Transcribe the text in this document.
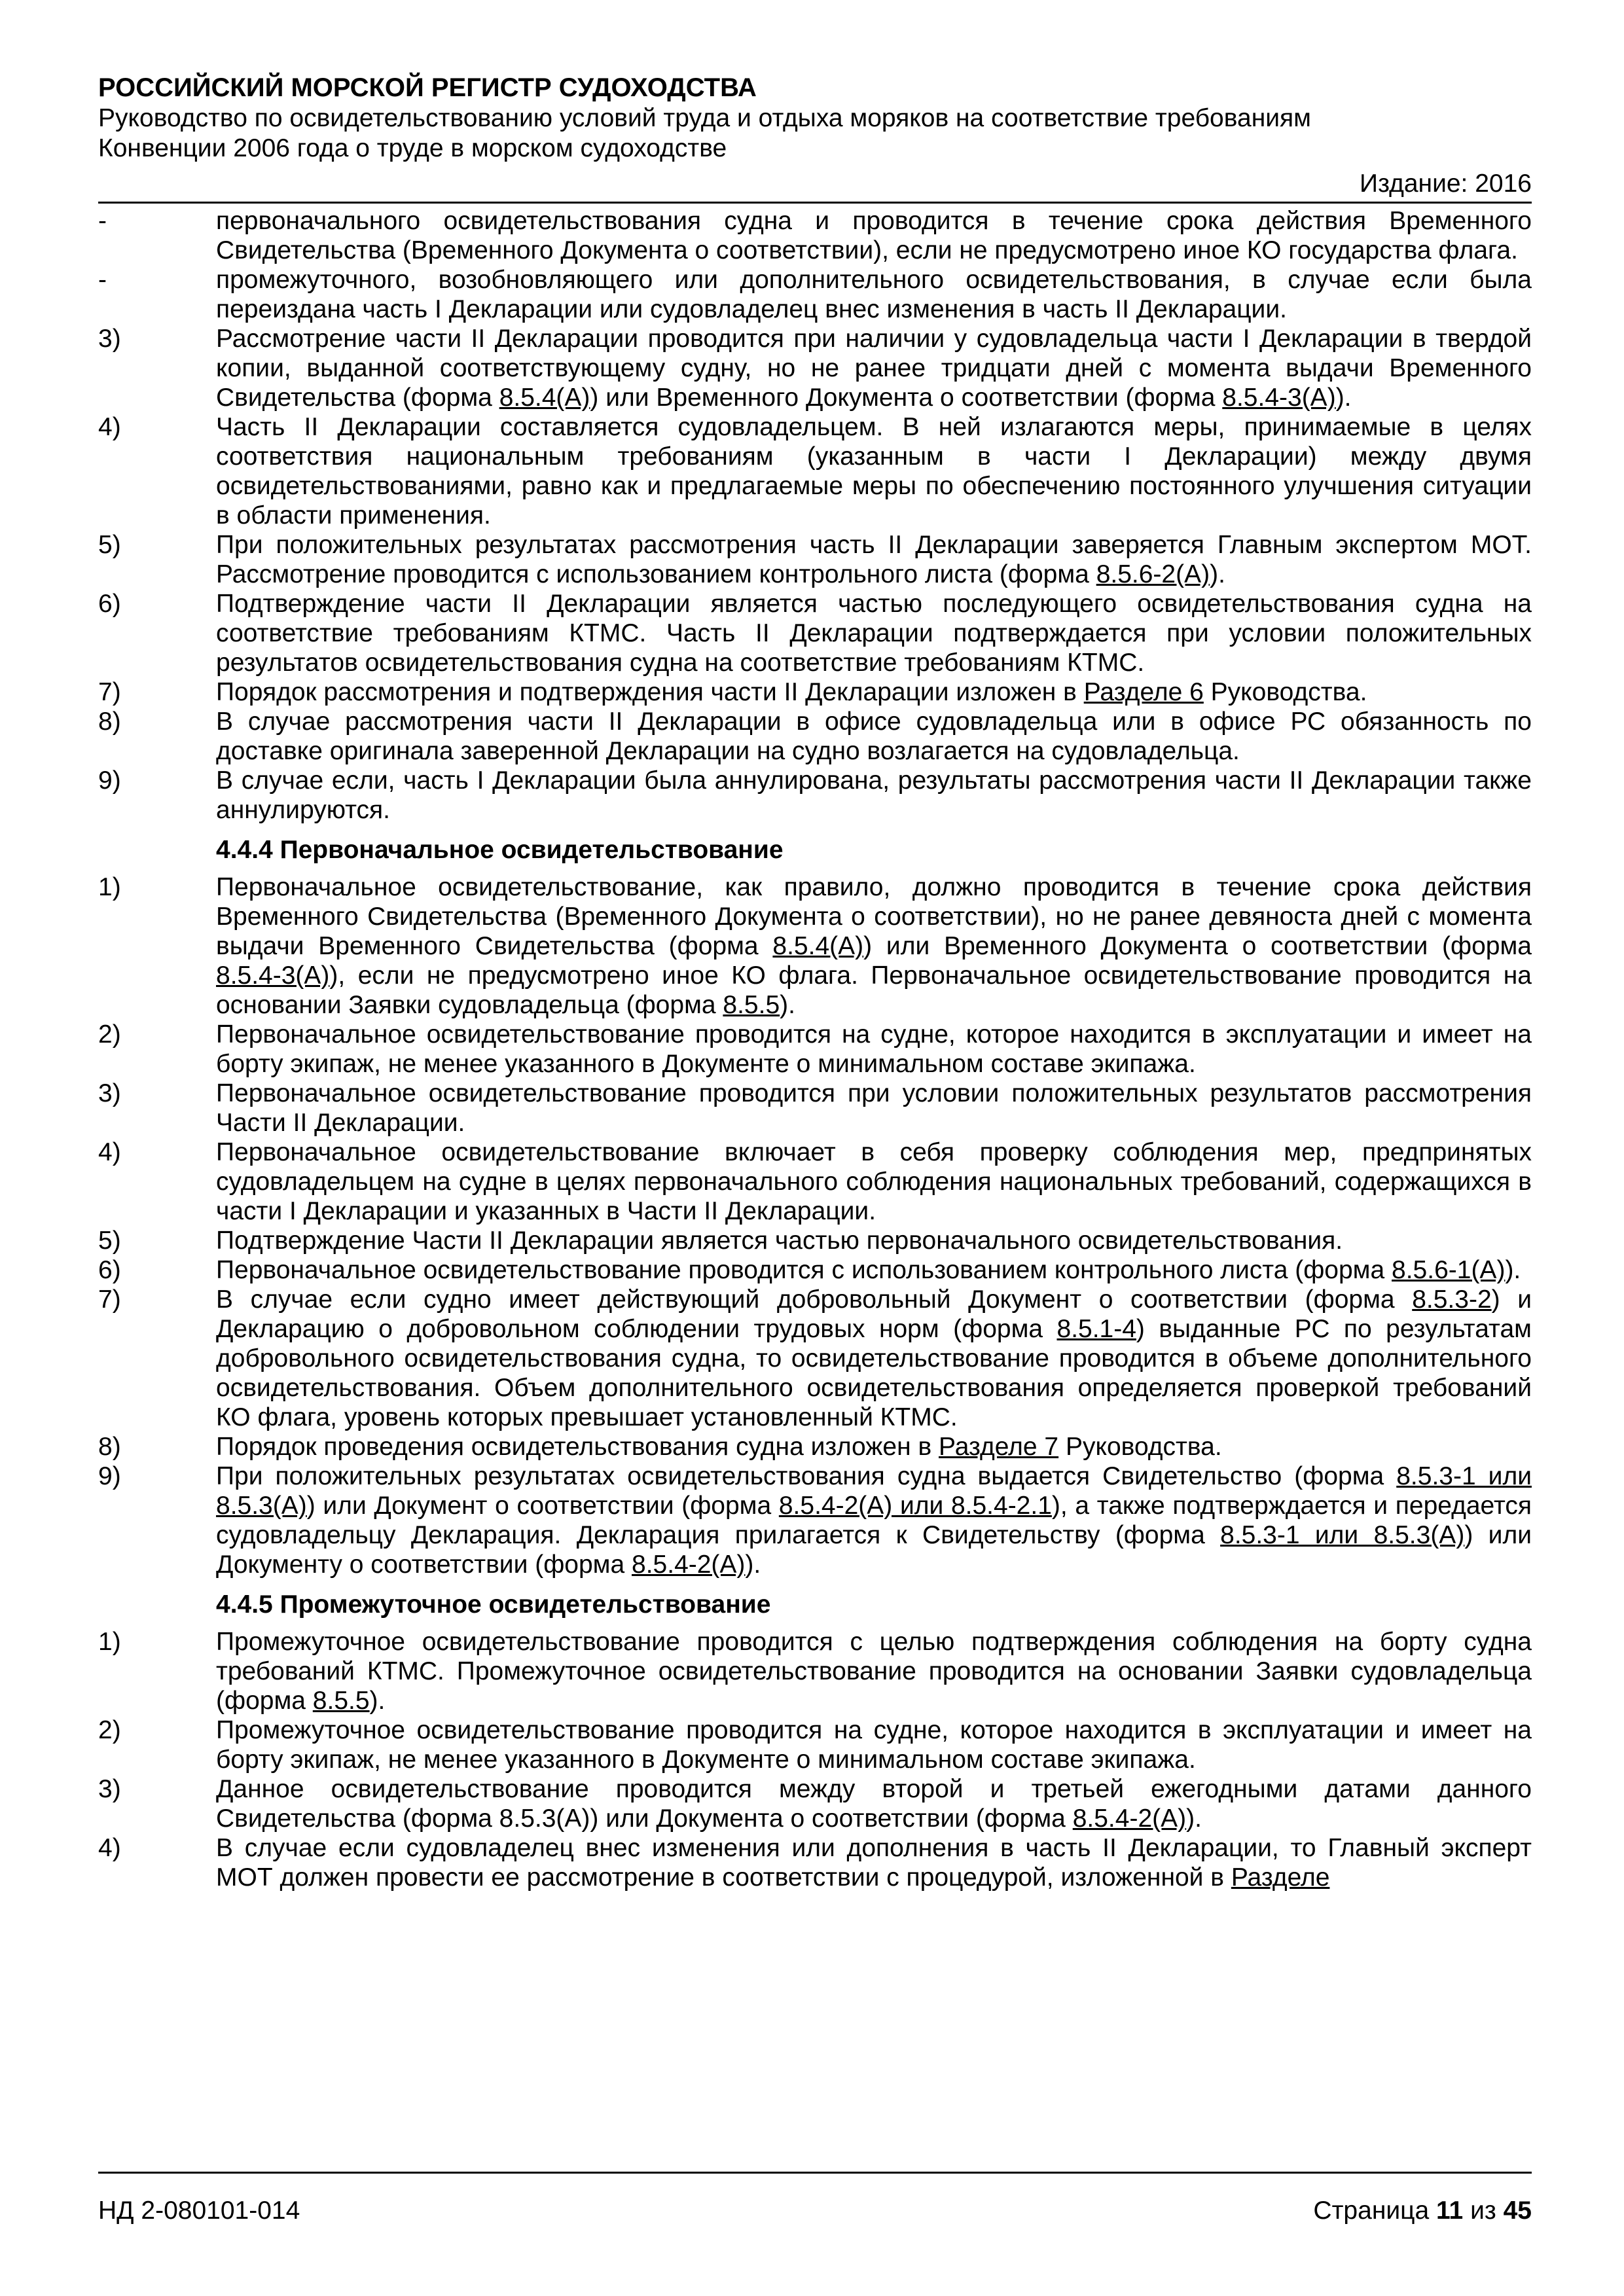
РОССИЙСКИЙ МОРСКОЙ РЕГИСТР СУДОХОДСТВА

Руководство по освидетельствованию условий труда и отдыха моряков на соответствие требованиям

Конвенции 2006 года о труде в морском судоходстве

Издание: 2016
-	первоначального освидетельствования судна и проводится в течение срока действия Временного Свидетельства (Временного Документа о соответствии), если не предусмотрено иное КО государства флага.
-	промежуточного, возобновляющего или дополнительного освидетельствования, в случае если была переиздана часть I Декларации или судовладелец внес изменения в часть II Декларации.
3)	Рассмотрение части II Декларации проводится при наличии у судовладельца части I Декларации в твердой копии, выданной соответствующему судну, но не ранее тридцати дней с момента выдачи Временного Свидетельства (форма 8.5.4(А)) или Временного Документа о соответствии (форма 8.5.4-3(А)).
4)	Часть II Декларации составляется судовладельцем. В ней излагаются меры, принимаемые в целях соответствия национальным требованиям (указанным в части I Декларации) между двумя освидетельствованиями, равно как и предлагаемые меры по обеспечению постоянного улучшения ситуации в области применения.
5)	При положительных результатах рассмотрения часть II Декларации заверяется Главным экспертом МОТ. Рассмотрение проводится с использованием контрольного листа (форма 8.5.6-2(А)).
6)	Подтверждение части II Декларации является частью последующего освидетельствования судна на соответствие требованиям КТМС. Часть II Декларации подтверждается при условии положительных результатов освидетельствования судна на соответствие требованиям КТМС.
7)	Порядок рассмотрения и подтверждения части II Декларации изложен в Разделе 6 Руководства.
8)	В случае рассмотрения части II Декларации в офисе судовладельца или в офисе РС обязанность по доставке оригинала заверенной Декларации на судно возлагается на судовладельца.
9)	В случае если, часть I Декларации была аннулирована, результаты рассмотрения части II Декларации также аннулируются.
4.4.4 Первоначальное освидетельствование
1)	Первоначальное освидетельствование, как правило, должно проводится в течение срока действия Временного Свидетельства (Временного Документа о соответствии), но не ранее девяноста дней с момента выдачи Временного Свидетельства (форма 8.5.4(А)) или Временного Документа о соответствии (форма 8.5.4-3(А)), если не предусмотрено иное КО флага. Первоначальное освидетельствование проводится на основании Заявки судовладельца (форма 8.5.5).
2)	Первоначальное освидетельствование проводится на судне, которое находится в эксплуатации и имеет на борту экипаж, не менее указанного в Документе о минимальном составе экипажа.
3)	Первоначальное освидетельствование проводится при условии положительных результатов рассмотрения Части II Декларации.
4)	Первоначальное освидетельствование включает в себя проверку соблюдения мер, предпринятых судовладельцем на судне в целях первоначального соблюдения национальных требований, содержащихся в части I Декларации и указанных в Части II Декларации.
5)	Подтверждение Части II Декларации является частью первоначального освидетельствования.
6)	Первоначальное освидетельствование проводится с использованием контрольного листа (форма 8.5.6-1(А)).
7)	В случае если судно имеет действующий добровольный Документ о соответствии (форма 8.5.3-2) и Декларацию о добровольном соблюдении трудовых норм (форма 8.5.1-4) выданные РС по результатам добровольного освидетельствования судна, то освидетельствование проводится в объеме дополнительного освидетельствования. Объем дополнительного освидетельствования определяется проверкой требований КО флага, уровень которых превышает установленный КТМС.
8)	Порядок проведения освидетельствования судна изложен в Разделе 7 Руководства.
9)	При положительных результатах освидетельствования судна выдается Свидетельство (форма 8.5.3-1 или 8.5.3(А)) или Документ о соответствии (форма 8.5.4-2(А) или 8.5.4-2.1), а также подтверждается и передается судовладельцу Декларация. Декларация прилагается к Свидетельству (форма 8.5.3-1 или 8.5.3(А)) или Документу о соответствии (форма 8.5.4-2(А)).
4.4.5 Промежуточное освидетельствование
1)	Промежуточное освидетельствование проводится с целью подтверждения соблюдения на борту судна требований КТМС. Промежуточное освидетельствование проводится на основании Заявки судовладельца (форма 8.5.5).
2)	Промежуточное освидетельствование проводится на судне, которое находится в эксплуатации и имеет на борту экипаж, не менее указанного в Документе о минимальном составе экипажа.
3)	Данное освидетельствование проводится между второй и третьей ежегодными датами данного Свидетельства (форма 8.5.3(А)) или Документа о соответствии (форма 8.5.4-2(А)).
4)	В случае если судовладелец внес изменения или дополнения в часть II Декларации, то Главный эксперт МОТ должен провести ее рассмотрение в соответствии с процедурой, изложенной в Разделе
НД 2-080101-014	Страница 11 из 45
